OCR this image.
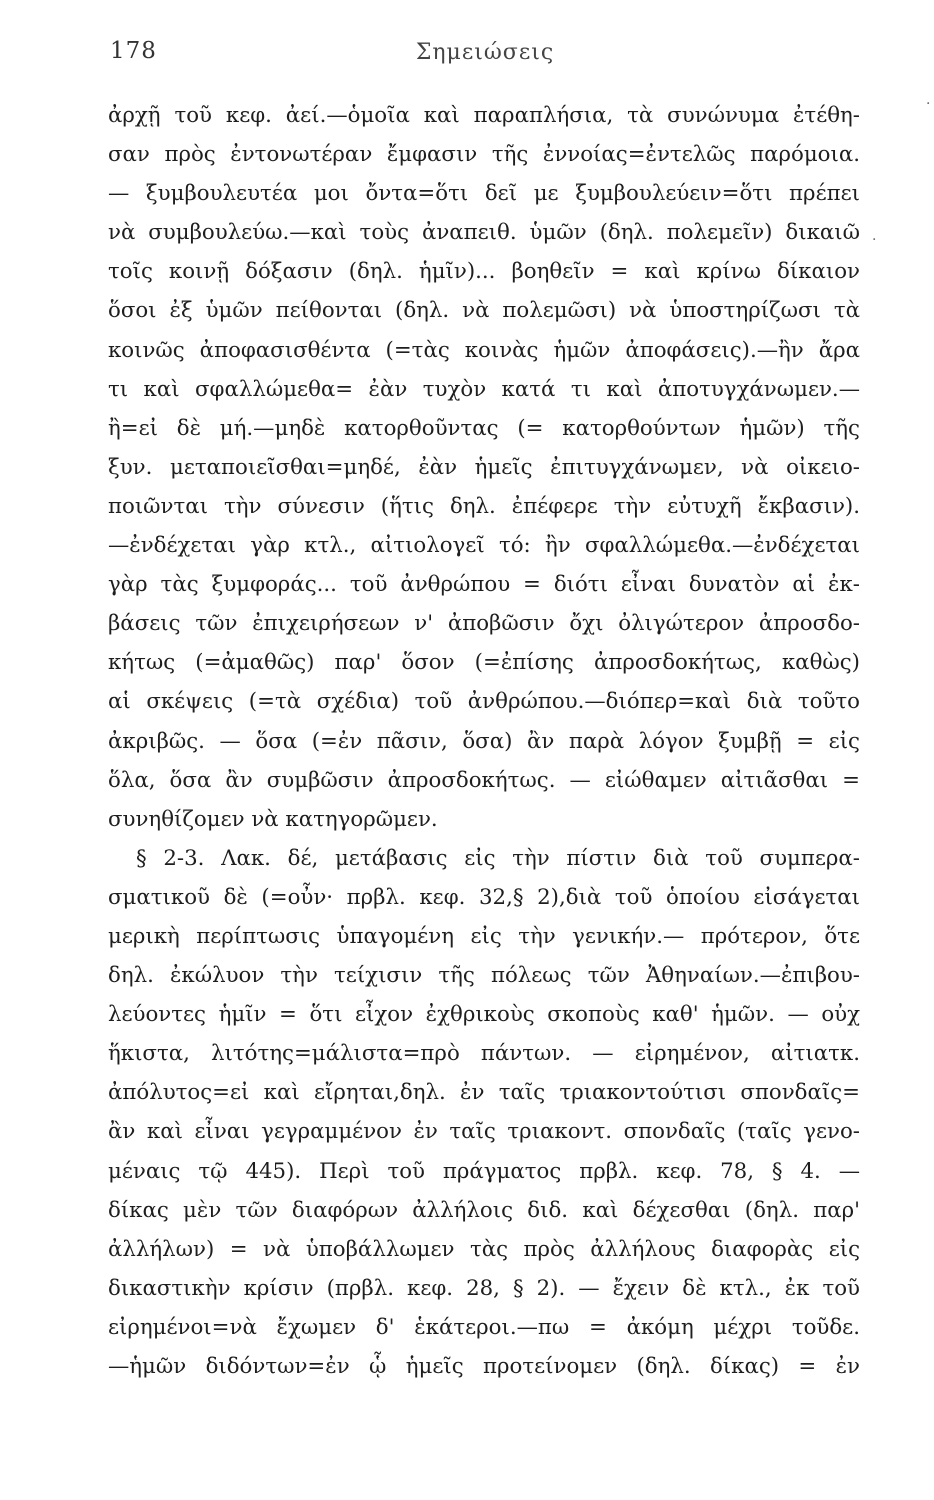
178	Σημειώσεις
·
·
ἀρχῇ τοῦ κεφ. ἀεί.—ὁμοῖα καὶ παραπλήσια, τὰ συνώνυμα ἐτέθη-
σαν πρὸς ἐντονωτέραν ἔμφασιν τῆς ἐννοίας=ἐντελῶς παρόμοια.
— ξυμβουλευτέα μοι ὄντα=ὅτι δεῖ με ξυμβουλεύειν=ὅτι πρέπει
νὰ συμβουλεύω.—καὶ τοὺς ἀναπειθ. ὑμῶν (δηλ. πολεμεῖν) δικαιῶ
τοῖς κοινῇ δόξασιν (δηλ. ἡμῖν)... βοηθεῖν = καὶ κρίνω δίκαιον
ὅσοι ἐξ ὑμῶν πείθονται (δηλ. νὰ πολεμῶσι) νὰ ὑποστηρίζωσι τὰ
κοινῶς ἀποφασισθέντα (=τὰς κοινὰς ἡμῶν ἀποφάσεις).—ἢν ἄρα
τι καὶ σφαλλώμεθα= ἐὰν τυχὸν κατά τι καὶ ἀποτυγχάνωμεν.—
ἢ=εἰ δὲ μή.—μηδὲ κατορθοῦντας (= κατορθούντων ἡμῶν) τῆς
ξυν. μεταποιεῖσθαι=μηδέ, ἐὰν ἡμεῖς ἐπιτυγχάνωμεν, νὰ οἰκειο-
ποιῶνται τὴν σύνεσιν (ἥτις δηλ. ἐπέφερε τὴν εὐτυχῆ ἔκβασιν).
—ἐνδέχεται γὰρ κτλ., αἰτιολογεῖ τό: ἢν σφαλλώμεθα.—ἐνδέχεται
γὰρ τὰς ξυμφοράς... τοῦ ἀνθρώπου = διότι εἶναι δυνατὸν αἱ ἐκ-
βάσεις τῶν ἐπιχειρήσεων ν' ἀποβῶσιν ὄχι ὀλιγώτερον ἀπροσδο-
κήτως (=ἀμαθῶς) παρ' ὅσον (=ἐπίσης ἀπροσδοκήτως, καθὼς)
αἱ σκέψεις (=τὰ σχέδια) τοῦ ἀνθρώπου.—διόπερ=καὶ διὰ τοῦτο
ἀκριβῶς. — ὅσα (=ἐν πᾶσιν, ὅσα) ἂν παρὰ λόγον ξυμβῇ = εἰς
ὅλα, ὅσα ἂν συμβῶσιν ἀπροσδοκήτως. — εἰώθαμεν αἰτιᾶσθαι =
συνηθίζομεν νὰ κατηγορῶμεν.
§ 2-3. Λακ. δέ, μετάβασις εἰς τὴν πίστιν διὰ τοῦ συμπερα-
σματικοῦ δὲ (=οὖν· πρβλ. κεφ. 32,§ 2),διὰ τοῦ ὁποίου εἰσάγεται
μερικὴ περίπτωσις ὑπαγομένη εἰς τὴν γενικήν.— πρότερον, ὅτε
δηλ. ἐκώλυον τὴν τείχισιν τῆς πόλεως τῶν Ἀθηναίων.—ἐπιβου-
λεύοντες ἡμῖν = ὅτι εἶχον ἐχθρικοὺς σκοποὺς καθ' ἡμῶν. — οὐχ
ἥκιστα, λιτότης=μάλιστα=πρὸ πάντων. — εἰρημένον, αἰτιατκ.
ἀπόλυτος=εἰ καὶ εἴρηται,δηλ. ἐν ταῖς τριακοντούτισι σπονδαῖς=
ἂν καὶ εἶναι γεγραμμένον ἐν ταῖς τριακοντ. σπονδαῖς (ταῖς γενο-
μέναις τῷ 445). Περὶ τοῦ πράγματος πρβλ. κεφ. 78, § 4. —
δίκας μὲν τῶν διαφόρων ἀλλήλοις διδ. καὶ δέχεσθαι (δηλ. παρ'
ἀλλήλων) = νὰ ὑποβάλλωμεν τὰς πρὸς ἀλλήλους διαφορὰς εἰς
δικαστικὴν κρίσιν (πρβλ. κεφ. 28, § 2). — ἔχειν δὲ κτλ., ἐκ τοῦ
εἰρημένοι=νὰ ἔχωμεν δ' ἑκάτεροι.—πω = ἀκόμη μέχρι τοῦδε.
—ἡμῶν διδόντων=ἐν ᾧ ἡμεῖς προτείνομεν (δηλ. δίκας) = ἐν
